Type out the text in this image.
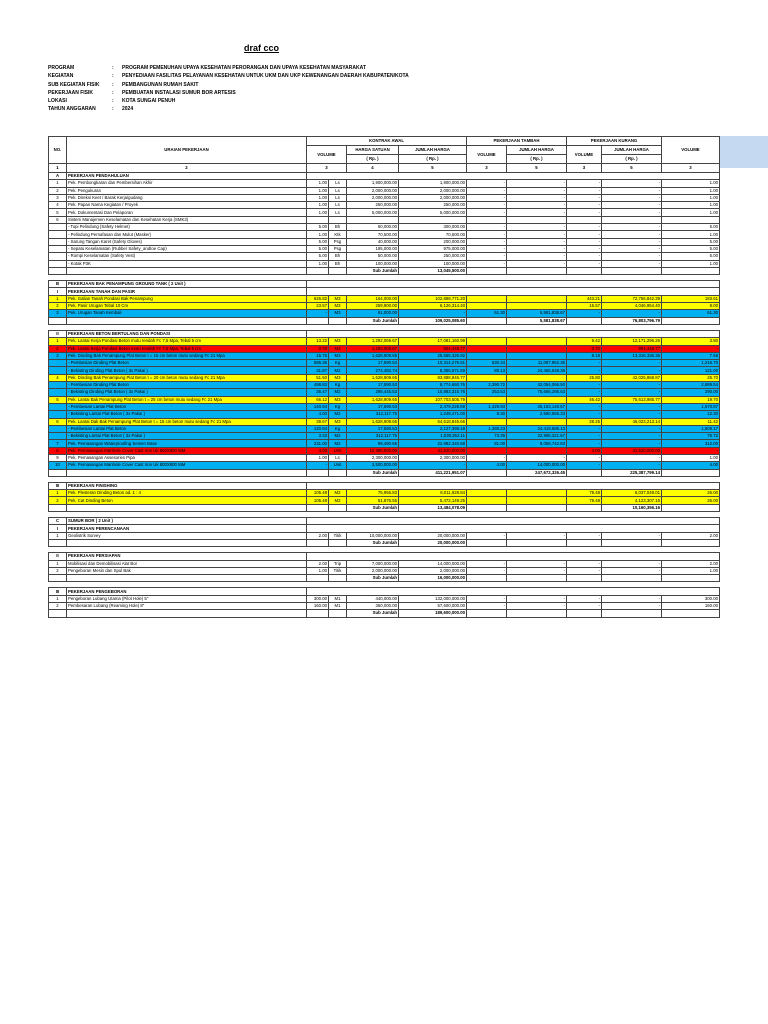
draf cco
PROGRAM	:	PROGRAM PEMENUHAN UPAYA KESEHATAN PERORANGAN DAN UPAYA KESEHATAN MASYARAKAT
KEGIATAN	:	PENYEDIAAN FASILITAS PELAYANAN KESEHATAN UNTUK UKM DAN UKP KEWENANGAN DAERAH KABUPATEN/KOTA
SUB KEGIATAN FISIK	:	PEMBANGUNAN RUMAH SAKIT
PEKERJAAN FISIK	:	PEMBUATAN INSTALASI SUMUR BOR ARTESIS
LOKASI	:	KOTA SUNGAI PENUH
TAHUN ANGGARAN	:	2024
NO.	URAIAN PEKERJAAN	KONTRAK AWAL				PEKERJAAN TAMBAH		PEKERJAAN KURANG		VOLUME
		VOLUME		HARGA SATUAN	JUMLAH HARGA	VOLUME	JUMLAH HARGA	VOLUME	JUMLAH HARGA	
				( Rp. )	( Rp. )		( Rp. )		( Rp. )	
1	2	3		4	5	3	5	3	5	3
A	PEKERJAAN PENDAHULUAN									
1	Pek. Pembongkaran dan Pembersihan Akhir	1.00	Ls	1,900,000.00	1,900,000.00	-	-	-	-	1.00
2	Pek. Pengukuran	1.00	Ls	2,000,000.00	2,000,000.00	-	-	-	-	1.00
3	Pek. Direksi Keet / Barak Kerja/gudang	1.00	Ls	2,000,000.00	2,000,000.00	-	-	-	-	1.00
4	Pek. Papan Nama Kegiatan / Proyek	1.00	Ls	250,000.00	250,000.00	-	-	-	-	1.00
5	Pek. Dokumentasi Dan Pelaporan	1.00	Ls	5,000,000.00	5,000,000.00	-	-	-	-	1.00
6	Sistem Manajemen Keselamatan dan Kesehatan Kerja (SMK3)									
	- Topi Pelindung (Safety Helmet)	5.00	Bh	60,000.00	300,000.00	-	-	-	-	5.00
	- Pelindung Pernafasan dan Mulut (Masker)	1.00	Ktk	70,500.00	70,500.00	-	-	-	-	1.00
	- Sarung Tangan Karet (Safety Gloves)	5.00	Psg	40,000.00	200,000.00	-	-	-	-	5.00
	- Sepatu Keselamatan (Rubber Safety_andtoe Cap)	5.00	Psg	195,000.00	975,000.00	-	-	-	-	5.00
	- Rompi Keselamatan (Safety Vest)	5.00	Bh	50,000.00	250,000.00	-	-	-	-	5.00
	- Kotak P3K	1.00	Bh	100,000.00	100,000.00	-	-	-	-	1.00
				Sub Jumlah	13,045,500.00					

B	PEKERJAAN BAK PENAMPUNG GROUND TANK ( 2 Unit )									
I	PEKERJAAN TANAH DAN PASIR									
1	Pek. Galian Tanah Pondasi Bak Penampung	626.82	M3	164,000.00	102,898,771.20			443.21	72,756,842.39	183.61
2	Pek. Pasir Urugan Tebal 10 Cm	23.57	M3	259,900.00	6,126,314.40			15.57	4,046,954.40	8.00
3	Pek. Urugan Tanah Kembali	-	M3	91,000.00	-	61.30	5,581,838.67	-	-	61.30
				Sub Jumlah	109,025,085.60		5,581,838.67		76,803,796.79	

II	PEKERJAAN BETON BERTULANG DAN PONDASI									
1	Pek. Lantai Kerja Pondasi Beton mutu rendah Fc 7,5 Mpa, Tebal 5 cm	13.22	M3	1,292,069.67	17,081,160.99			9.42	12,171,296.26	3.80
2	Pek. Lantai Kerja Pondasi Beton mutu rendah Fc 7,5 Mpa, Tebal 5 cm	0.70	M3	1,292,069.67	904,448.77			0.70	904,448.77	-
3	Pek. Dinding Bak Penampung Plat Beton t = 15 cm beton mutu sedang Fc 21 Mpa	15.75	M3	1,628,909.65	25,655,326.92			8.18	13,316,336.36	7.58
	- Pembesian Dinding Plat Beton	586.36	Kg	17,590.53	10,314,276.61	630.34	11,087,952.36	-	-	1,216.70
	- Bekisting Dinding Plat Beton ( 3x Pakai )	31.87	M2	274,482.74	8,356,571.59	89.13	24,466,648.35	-	-	121.00
4	Pek. Dinding Bak Penampung Plat Beton t = 20 cm beton mutu sedang Fc 21 Mpa	51.50	M3	1,628,909.65	83,888,846.77			25.80	42,025,868.87	25.70
	- Pembesian Dinding Plat Beton	498.82	Kg	17,590.53	8,774,660.76	2,390.72	42,054,066.50	-	-	2,889.54
	- Bekisting Dinding Plat Beton ( 3x Pakai )	36.47	M2	298,445.53	10,883,315.76	253.53	75,666,295.63	-	-	290.00
5	Pek. Lantai Bak Penampung Plat Beton t = 25 cm beton mutu sedang Fc 21 Mpa	66.12	M3	1,628,909.65	107,703,505.79			46.42	75,613,985.77	19.70
	- Pembesian Lantai Plat Beton	140.94	Kg	17,590.53	2,479,228.69	1,429.93	25,153,148.67	-	-	1,570.87
	- Bekisting Lantai Plat Beton ( 3x Pakai )	4.00	M2	312,117.75	1,248,471.00	8.30	2,590,565.33	-	-	12.30
6	Pek. Lantai Dak Bak Penampung Plat Beton t = 15 cm beton mutu sedang Fc 21 Mpa	39.67	M3	1,628,909.65	64,618,845.66			28.25	46,023,213.14	11.42
	- Pembesian Lantai Plat Beton	120.94	Kg	17,590.53	2,127,398.18	1,388.23	24,419,685.13	-	-	1,509.17
	- Bekisting Lantai Plat Beton ( 3x Pakai )	3.33	M2	312,117.75	1,039,352.11	73.39	22,906,321.67	-	-	76.72
7	Pek. Pemasangan Waterproofing Semen Base	231.00	M2	99,490.65	22,982,340.68	81.00	8,058,742.83	-	-	312.00
8	Pek. Pemasangan Manhole Cover Cast Iron Uk 800X800 MM	4.00	Unit	10,380,000.00	41,520,000.00			4.00	41,520,000.00	-
9	Pek. Pemasangan Assesories Pipa	1.00	Ls	2,300,000.00	2,300,000.00	-	-	-	-	1.00
10	Pek. Pemasangan Manhole Cover Cast Iron Uk 800X800 MM	-	Unit	3,500,000.00	-	4.00	14,000,000.00	-	-	4.00
				Sub Jumlah	411,221,951.07		247,672,326.45		225,387,799.14	

III	PEKERJAAN FINISHING									
1	Pek. Plesteran Dinding Beton ad. 1 : 4	105.48	M2	75,956.83	8,011,928.84			79.48	6,037,049.01	26.00
2	Pek. Cat Dinding Beton	105.48	M2	51,876.55	5,472,149.25			79.48	4,123,307.15	26.00
				Sub Jumlah	13,484,078.09				10,160,356.16	

C	SUMUR BOR ( 2 Unit )									
I	PEKERJAAN PERENCANAAN									
1	Geolistrik Survey	2.00	Titik	10,000,000.00	20,000,000.00	-	-	-	-	2.00
				Sub Jumlah	20,000,000.00					

II	PEKERJAAN PERSIAPAN									
1	Mobilisasi dan Demobilisasi Alat Bor	2.00	Trip	7,000,000.00	14,000,000.00	-	-	-	-	2.00
2	Pengeboran Mesin dan Spul Bak	1.00	Titik	2,000,000.00	2,000,000.00	-	-	-	-	1.00
				Sub Jumlah	16,000,000.00					

III	PEKERJAAN PENGEBORAN									
1	Pengeboran Lubang Utama (Pilot Hole) 5"	300.00	M1	440,000.00	132,000,000.00	-	-	-	-	300.00
2	Pembesaran Lubang (Reaming Hole) 8"	160.00	M1	360,000.00	57,600,000.00	-	-	-	-	160.00
				Sub Jumlah	189,600,000.00					
